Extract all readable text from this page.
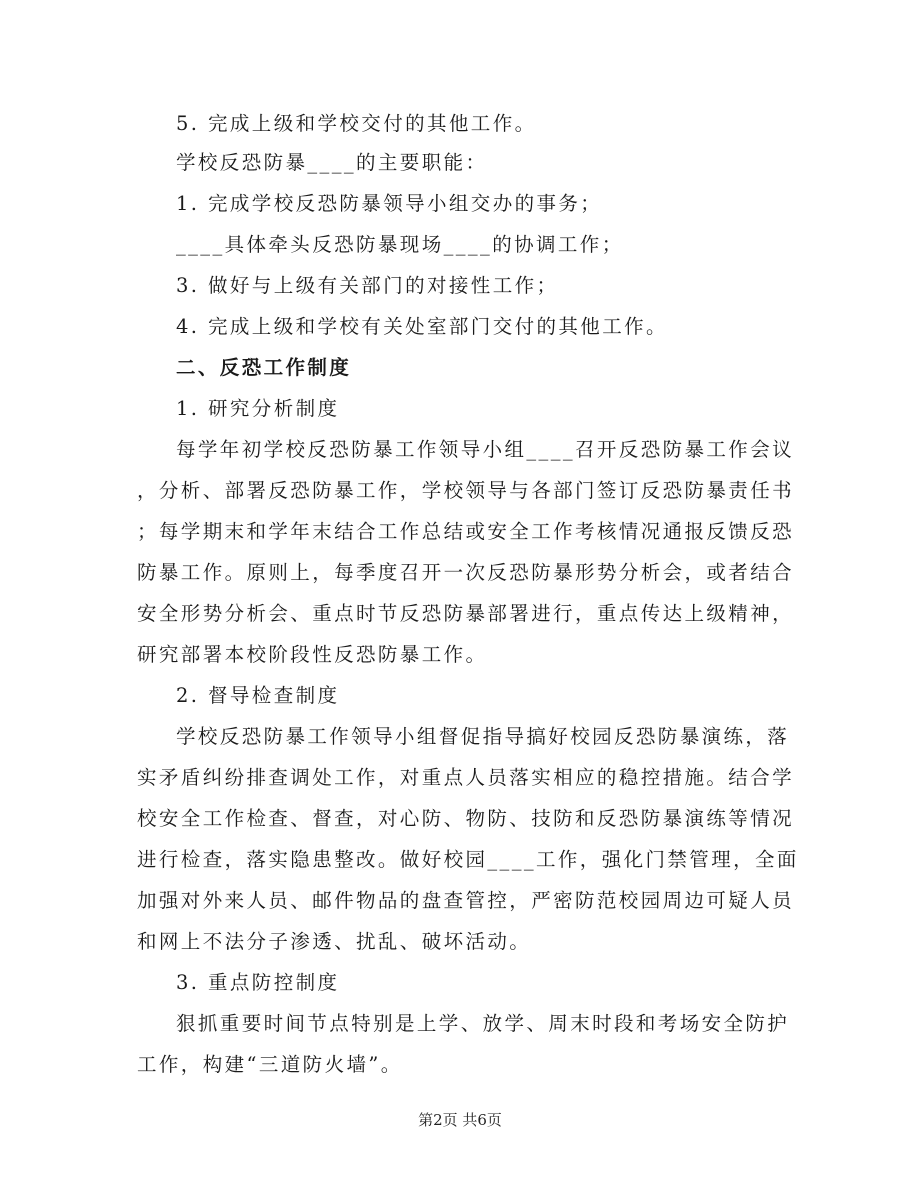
5. 完成上级和学校交付的其他工作。
学校反恐防暴____的主要职能：
1. 完成学校反恐防暴领导小组交办的事务；
____具体牵头反恐防暴现场____的协调工作；
3. 做好与上级有关部门的对接性工作；
4. 完成上级和学校有关处室部门交付的其他工作。
二、反恐工作制度
1. 研究分析制度
每学年初学校反恐防暴工作领导小组____召开反恐防暴工作会议
，分析、部署反恐防暴工作，学校领导与各部门签订反恐防暴责任书
；每学期末和学年末结合工作总结或安全工作考核情况通报反馈反恐
防暴工作。原则上，每季度召开一次反恐防暴形势分析会，或者结合
安全形势分析会、重点时节反恐防暴部署进行，重点传达上级精神，
研究部署本校阶段性反恐防暴工作。
2. 督导检查制度
学校反恐防暴工作领导小组督促指导搞好校园反恐防暴演练，落
实矛盾纠纷排查调处工作，对重点人员落实相应的稳控措施。结合学
校安全工作检查、督查，对心防、物防、技防和反恐防暴演练等情况
进行检查，落实隐患整改。做好校园____工作，强化门禁管理，全面
加强对外来人员、邮件物品的盘查管控，严密防范校园周边可疑人员
和网上不法分子渗透、扰乱、破坏活动。
3. 重点防控制度
狠抓重要时间节点特别是上学、放学、周末时段和考场安全防护
工作，构建“三道防火墙”。
第2页 共6页
